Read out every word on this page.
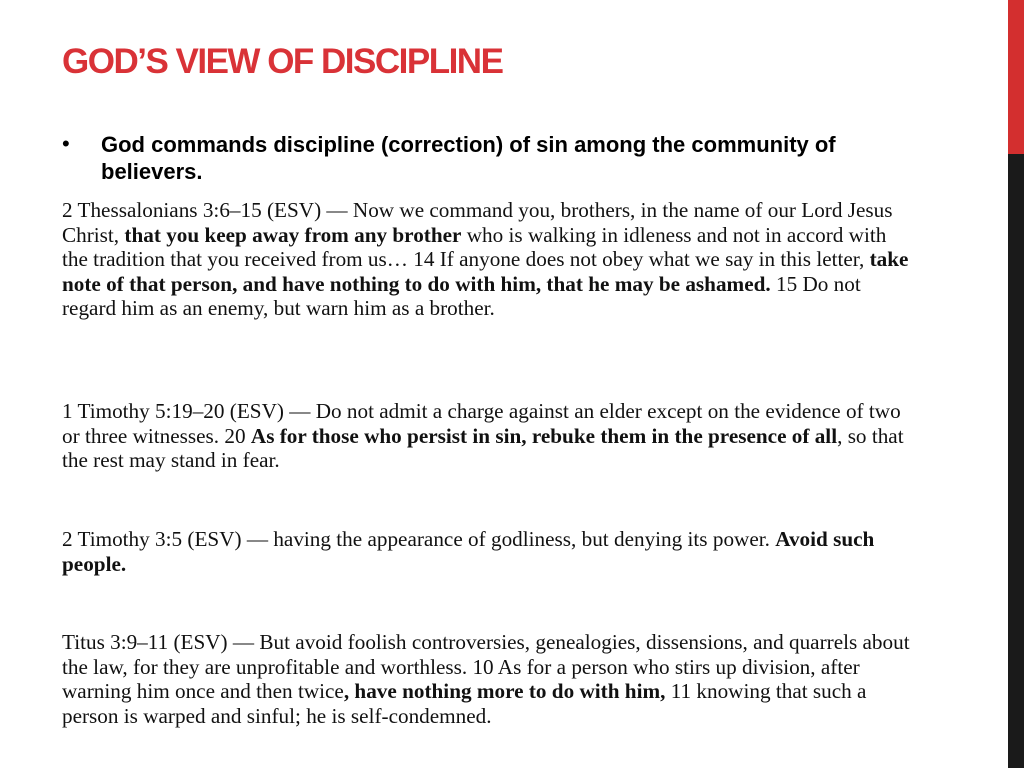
GOD’S VIEW OF DISCIPLINE
• God commands discipline (correction) of sin among the community of believers.
2 Thessalonians 3:6–15 (ESV) — Now we command you, brothers, in the name of our Lord Jesus Christ, that you keep away from any brother who is walking in idleness and not in accord with the tradition that you received from us… 14 If anyone does not obey what we say in this letter, take note of that person, and have nothing to do with him, that he may be ashamed. 15 Do not regard him as an enemy, but warn him as a brother.
1 Timothy 5:19–20 (ESV) — Do not admit a charge against an elder except on the evidence of two or three witnesses. 20 As for those who persist in sin, rebuke them in the presence of all, so that the rest may stand in fear.
2 Timothy 3:5 (ESV) — having the appearance of godliness, but denying its power. Avoid such people.
Titus 3:9–11 (ESV) — But avoid foolish controversies, genealogies, dissensions, and quarrels about the law, for they are unprofitable and worthless. 10 As for a person who stirs up division, after warning him once and then twice, have nothing more to do with him, 11 knowing that such a person is warped and sinful; he is self-condemned.
